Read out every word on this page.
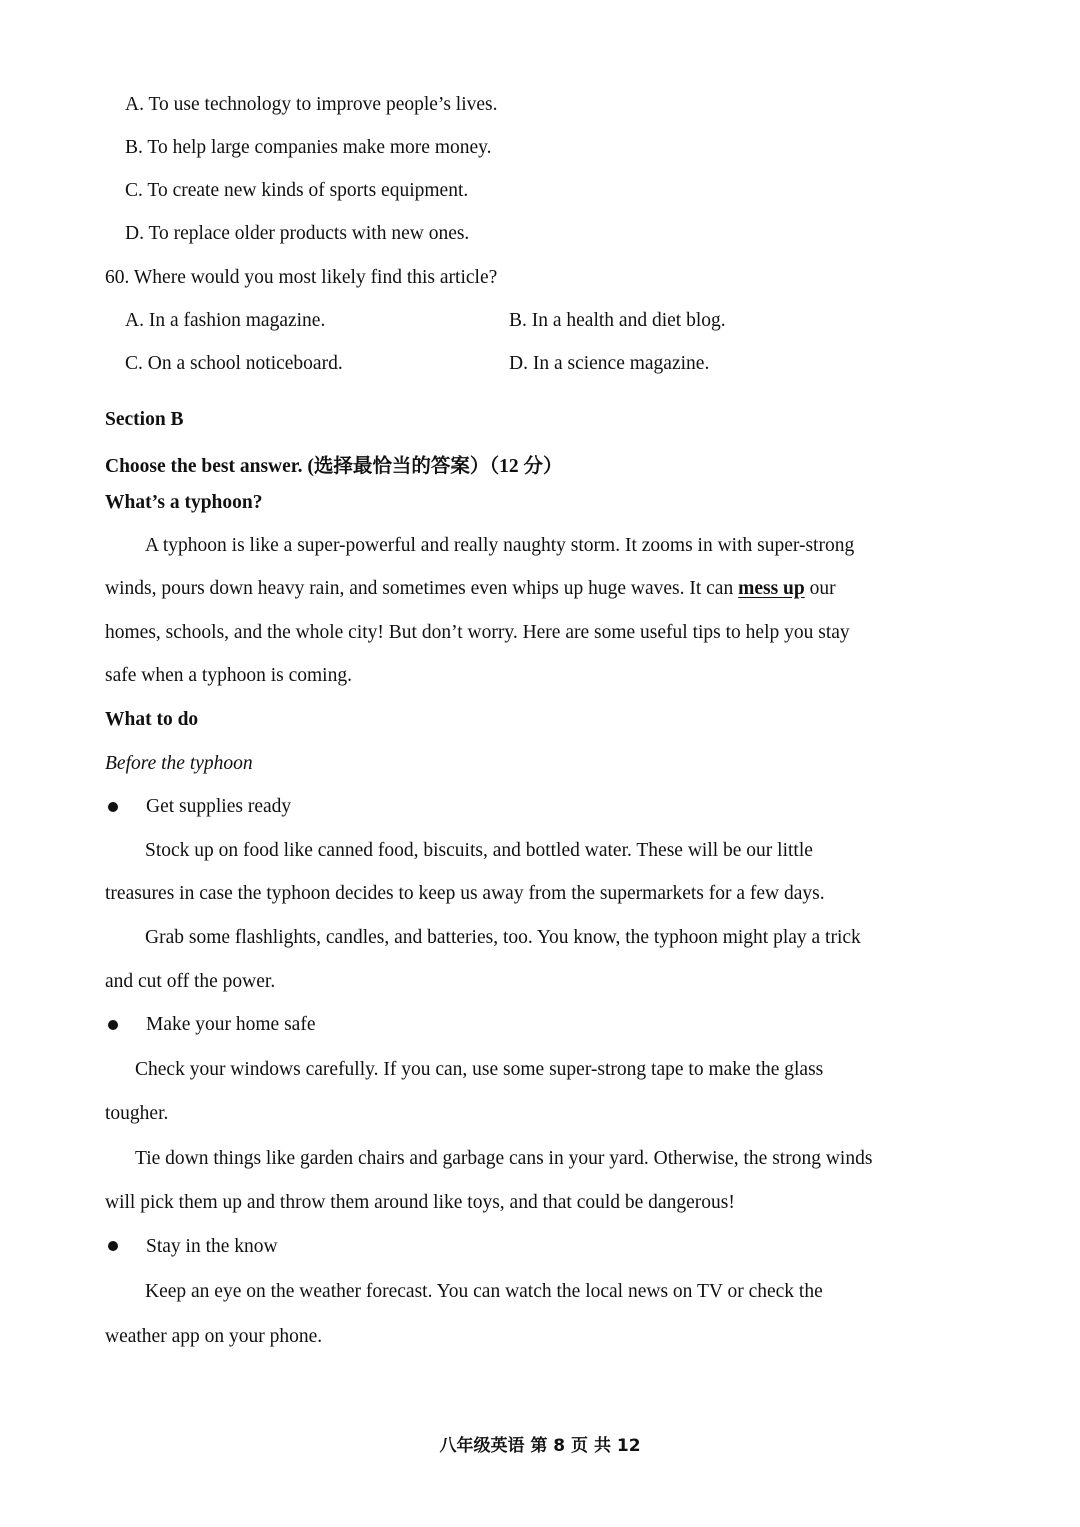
A. To use technology to improve people’s lives.
B. To help large companies make more money.
C. To create new kinds of sports equipment.
D. To replace older products with new ones.
60. Where would you most likely find this article?
A. In a fashion magazine.	B. In a health and diet blog.
C. On a school noticeboard.	D. In a science magazine.
Section B
Choose the best answer. (选择最恰当的答案）（12 分）
What’s a typhoon?
A typhoon is like a super-powerful and really naughty storm. It zooms in with super-strong
winds, pours down heavy rain, and sometimes even whips up huge waves. It can mess up our
homes, schools, and the whole city! But don’t worry. Here are some useful tips to help you stay
safe when a typhoon is coming.
What to do
Before the typhoon
Get supplies ready
Stock up on food like canned food, biscuits, and bottled water. These will be our little
treasures in case the typhoon decides to keep us away from the supermarkets for a few days.
Grab some flashlights, candles, and batteries, too. You know, the typhoon might play a trick
and cut off the power.
Make your home safe
Check your windows carefully. If you can, use some super-strong tape to make the glass
tougher.
Tie down things like garden chairs and garbage cans in your yard. Otherwise, the strong winds
will pick them up and throw them around like toys, and that could be dangerous!
Stay in the know
Keep an eye on the weather forecast. You can watch the local news on TV or check the
weather app on your phone.
八年级英语 第 8 页 共 12
